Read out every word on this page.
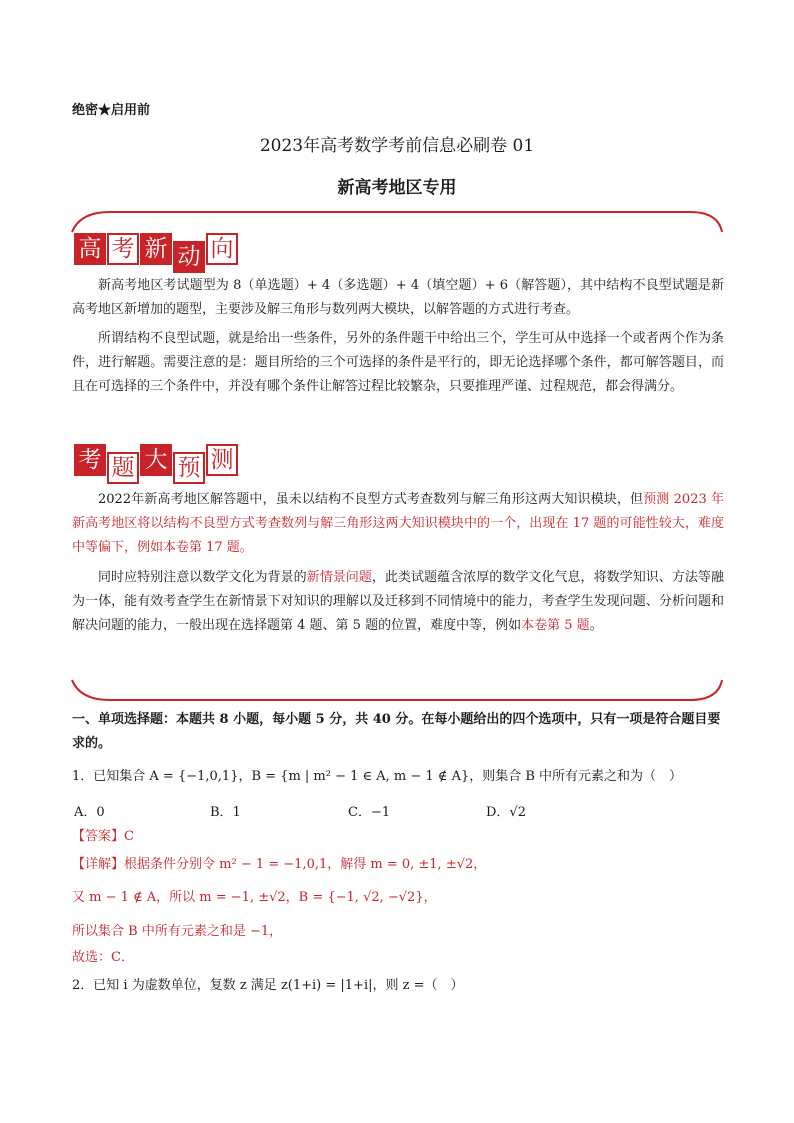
绝密★启用前
2023年高考数学考前信息必刷卷 01
新高考地区专用
高 考 新 动 向
新高考地区考试题型为 8（单选题）+ 4（多选题）+ 4（填空题）+ 6（解答题），其中结构不良型试题是新高考地区新增加的题型，主要涉及解三角形与数列两大模块，以解答题的方式进行考查。
所谓结构不良型试题，就是给出一些条件，另外的条件题干中给出三个，学生可从中选择一个或者两个作为条件，进行解题。需要注意的是：题目所给的三个可选择的条件是平行的，即无论选择哪个条件，都可解答题目，而且在可选择的三个条件中，并没有哪个条件让解答过程比较繁杂，只要推理严谨、过程规范，都会得满分。
考 题 大 预 测
2022年新高考地区解答题中，虽未以结构不良型方式考查数列与解三角形这两大知识模块，但预测 2023 年新高考地区将以结构不良型方式考查数列与解三角形这两大知识模块中的一个，出现在 17 题的可能性较大，难度中等偏下，例如本卷第 17 题。
同时应特别注意以数学文化为背景的新情景问题，此类试题蕴含浓厚的数学文化气息，将数学知识、方法等融为一体，能有效考查学生在新情景下对知识的理解以及迁移到不同情境中的能力，考查学生发现问题、分析问题和解决问题的能力，一般出现在选择题第 4 题、第 5 题的位置，难度中等，例如本卷第 5 题。
一、单项选择题：本题共 8 小题，每小题 5 分，共 40 分。在每小题给出的四个选项中，只有一项是符合题目要求的。
1．已知集合 A = {−1,0,1}，B = {m | m² − 1 ∈ A, m − 1 ∉ A}，则集合 B 中所有元素之和为（　）
A．0	B．1	C．−1	D．√2
【答案】C
【详解】根据条件分别令 m² − 1 = −1,0,1，解得 m = 0, ±1, ±√2，
又 m − 1 ∉ A，所以 m = −1, ±√2，B = {−1, √2, −√2}，
所以集合 B 中所有元素之和是 −1，
故选：C．
2．已知 i 为虚数单位，复数 z 满足 z(1+i) = |1+i|，则 z =（　）
